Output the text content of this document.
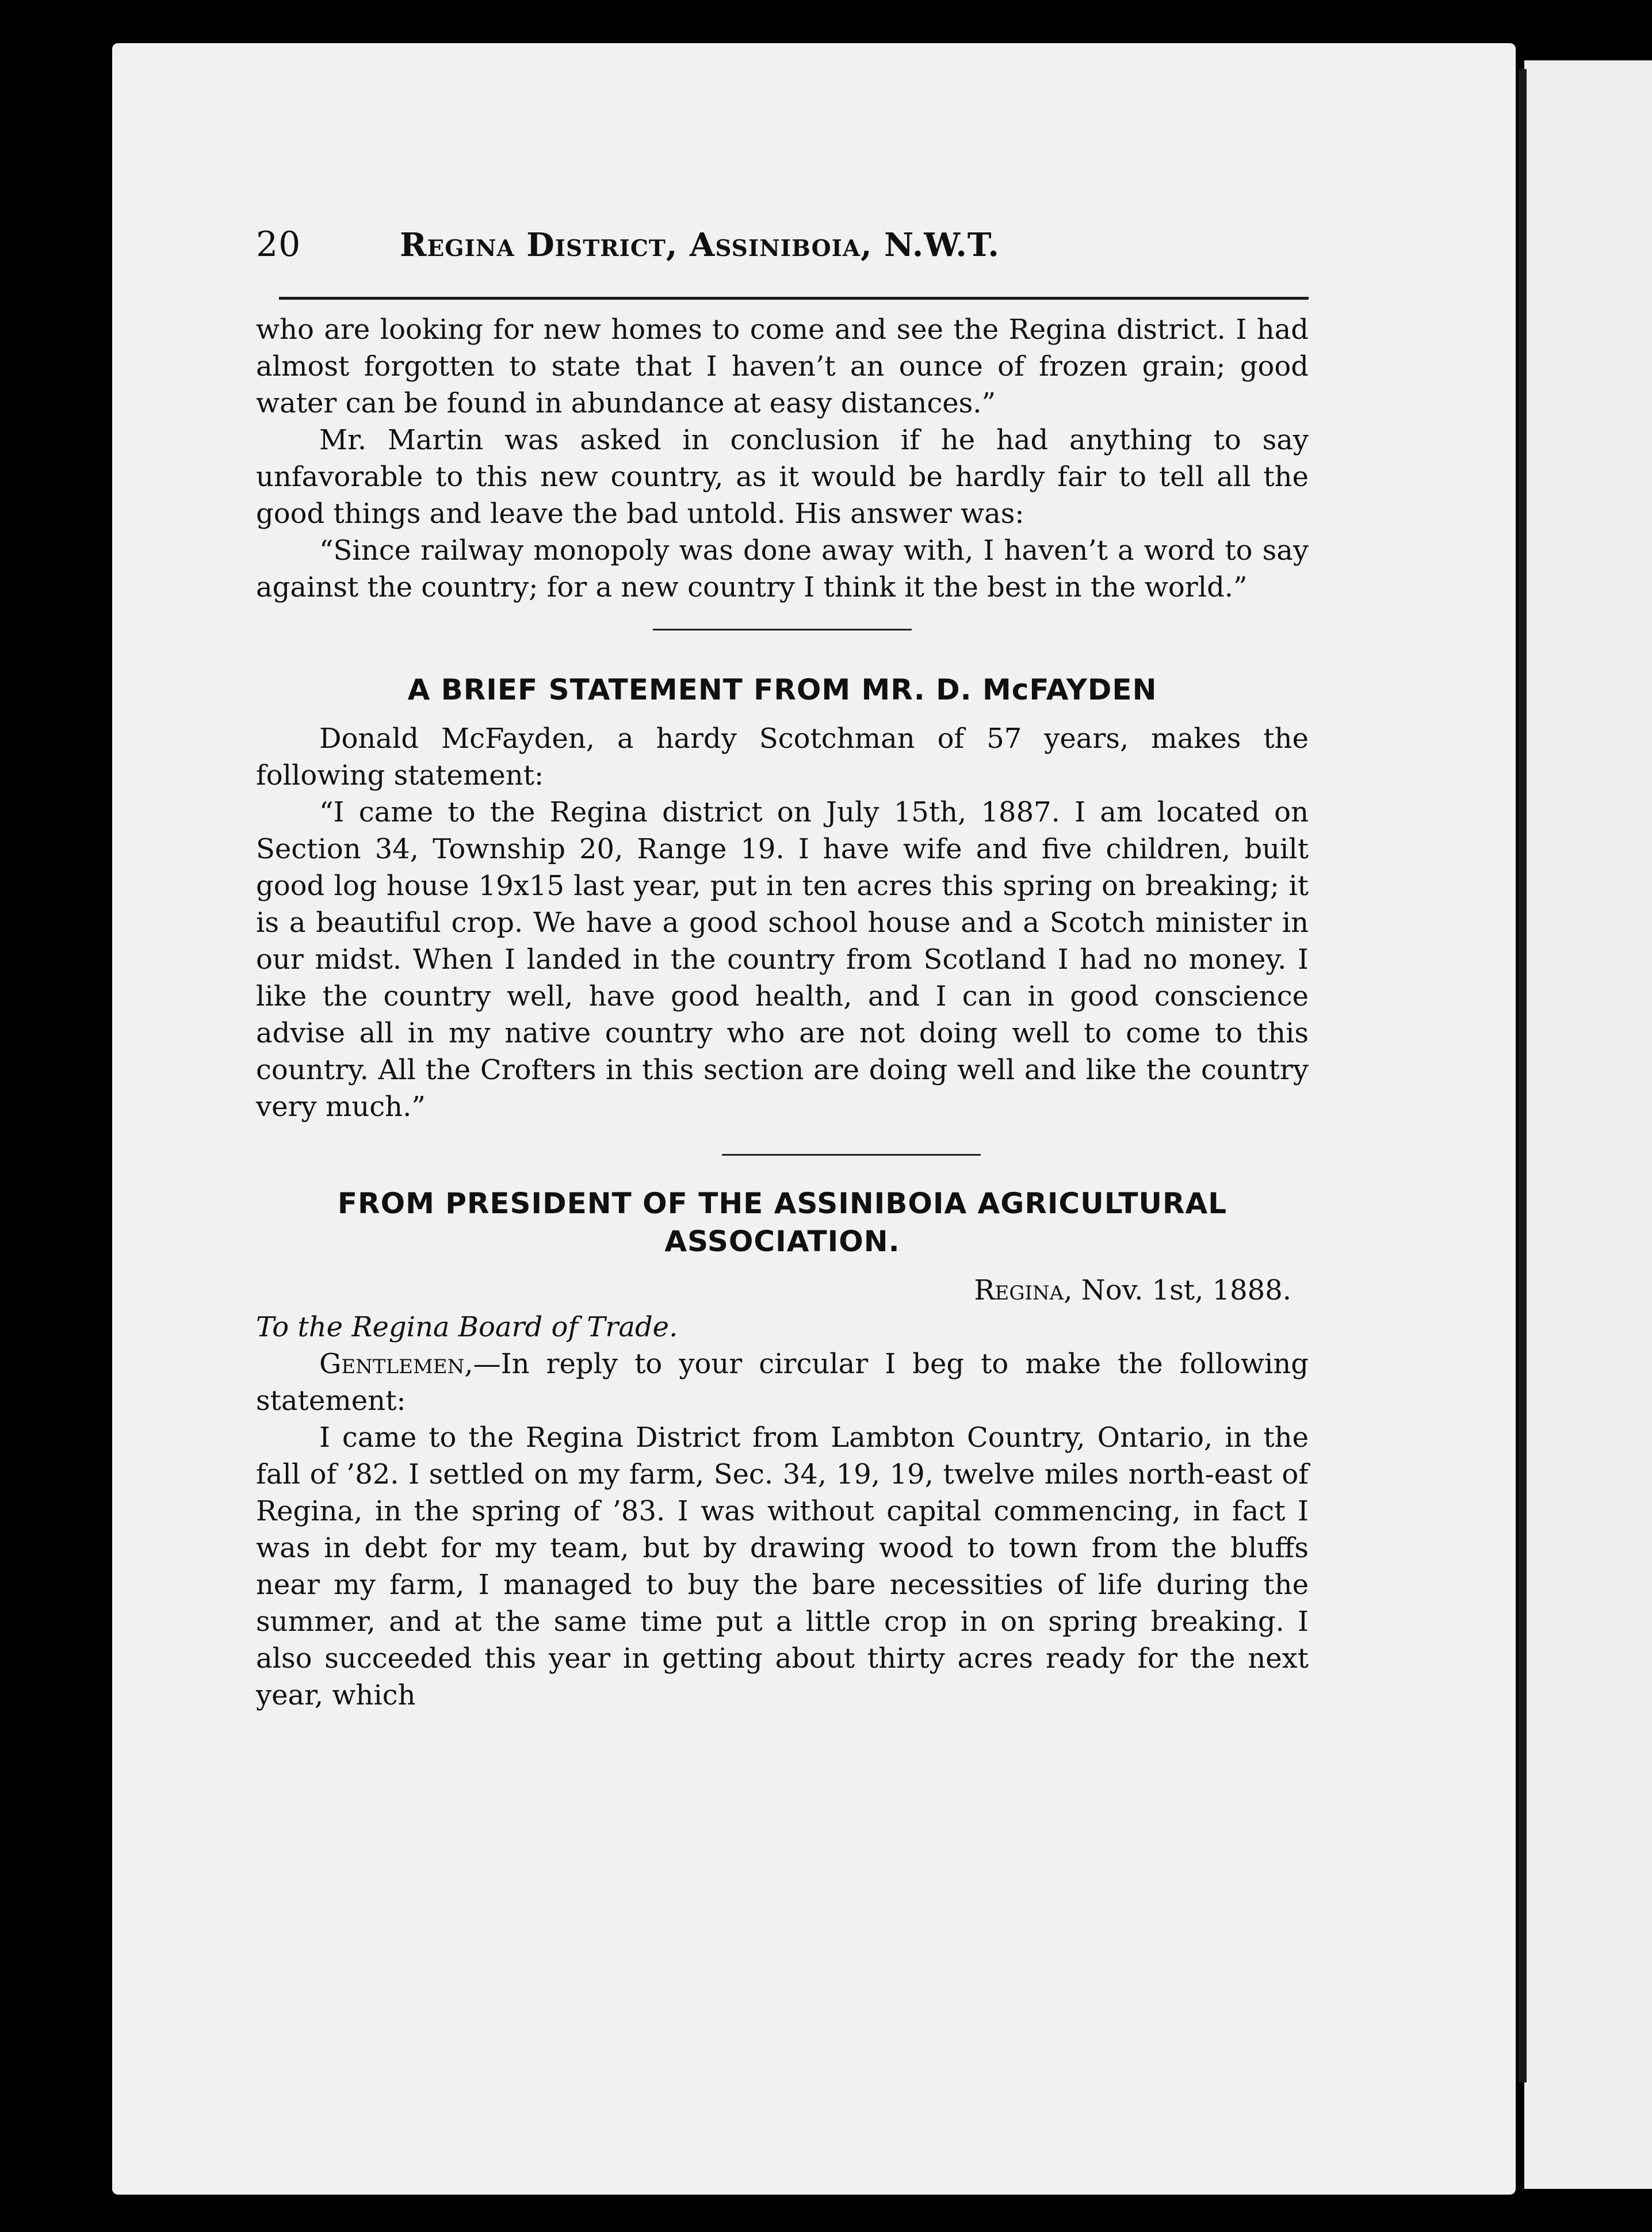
20	Regina District, Assiniboia, N.W.T.

who are looking for new homes to come and see the Regina district. I had almost forgotten to state that I haven’t an ounce of frozen grain; good water can be found in abundance at easy distances.”

Mr. Martin was asked in conclusion if he had anything to say unfavorable to this new country, as it would be hardly fair to tell all the good things and leave the bad untold. His answer was:

“Since railway monopoly was done away with, I haven’t a word to say against the country; for a new country I think it the best in the world.”

A BRIEF STATEMENT FROM MR. D. McFAYDEN

Donald McFayden, a hardy Scotchman of 57 years, makes the following statement:

“I came to the Regina district on July 15th, 1887. I am located on Section 34, Township 20, Range 19. I have wife and five children, built good log house 19x15 last year, put in ten acres this spring on breaking; it is a beautiful crop. We have a good school house and a Scotch minister in our midst. When I landed in the country from Scotland I had no money. I like the country well, have good health, and I can in good conscience advise all in my native country who are not doing well to come to this country. All the Crofters in this section are doing well and like the country very much.”

FROM PRESIDENT OF THE ASSINIBOIA AGRICULTURAL
ASSOCIATION.
Regina, Nov. 1st, 1888.
To the Regina Board of Trade.

Gentlemen,—In reply to your circular I beg to make the following statement:

I came to the Regina District from Lambton Country, Ontario, in the fall of ’82. I settled on my farm, Sec. 34, 19, 19, twelve miles north-east of Regina, in the spring of ’83. I was without capital commencing, in fact I was in debt for my team, but by drawing wood to town from the bluffs near my farm, I managed to buy the bare necessities of life during the summer, and at the same time put a little crop in on spring breaking. I also succeeded this year in getting about thirty acres ready for the next year, which
